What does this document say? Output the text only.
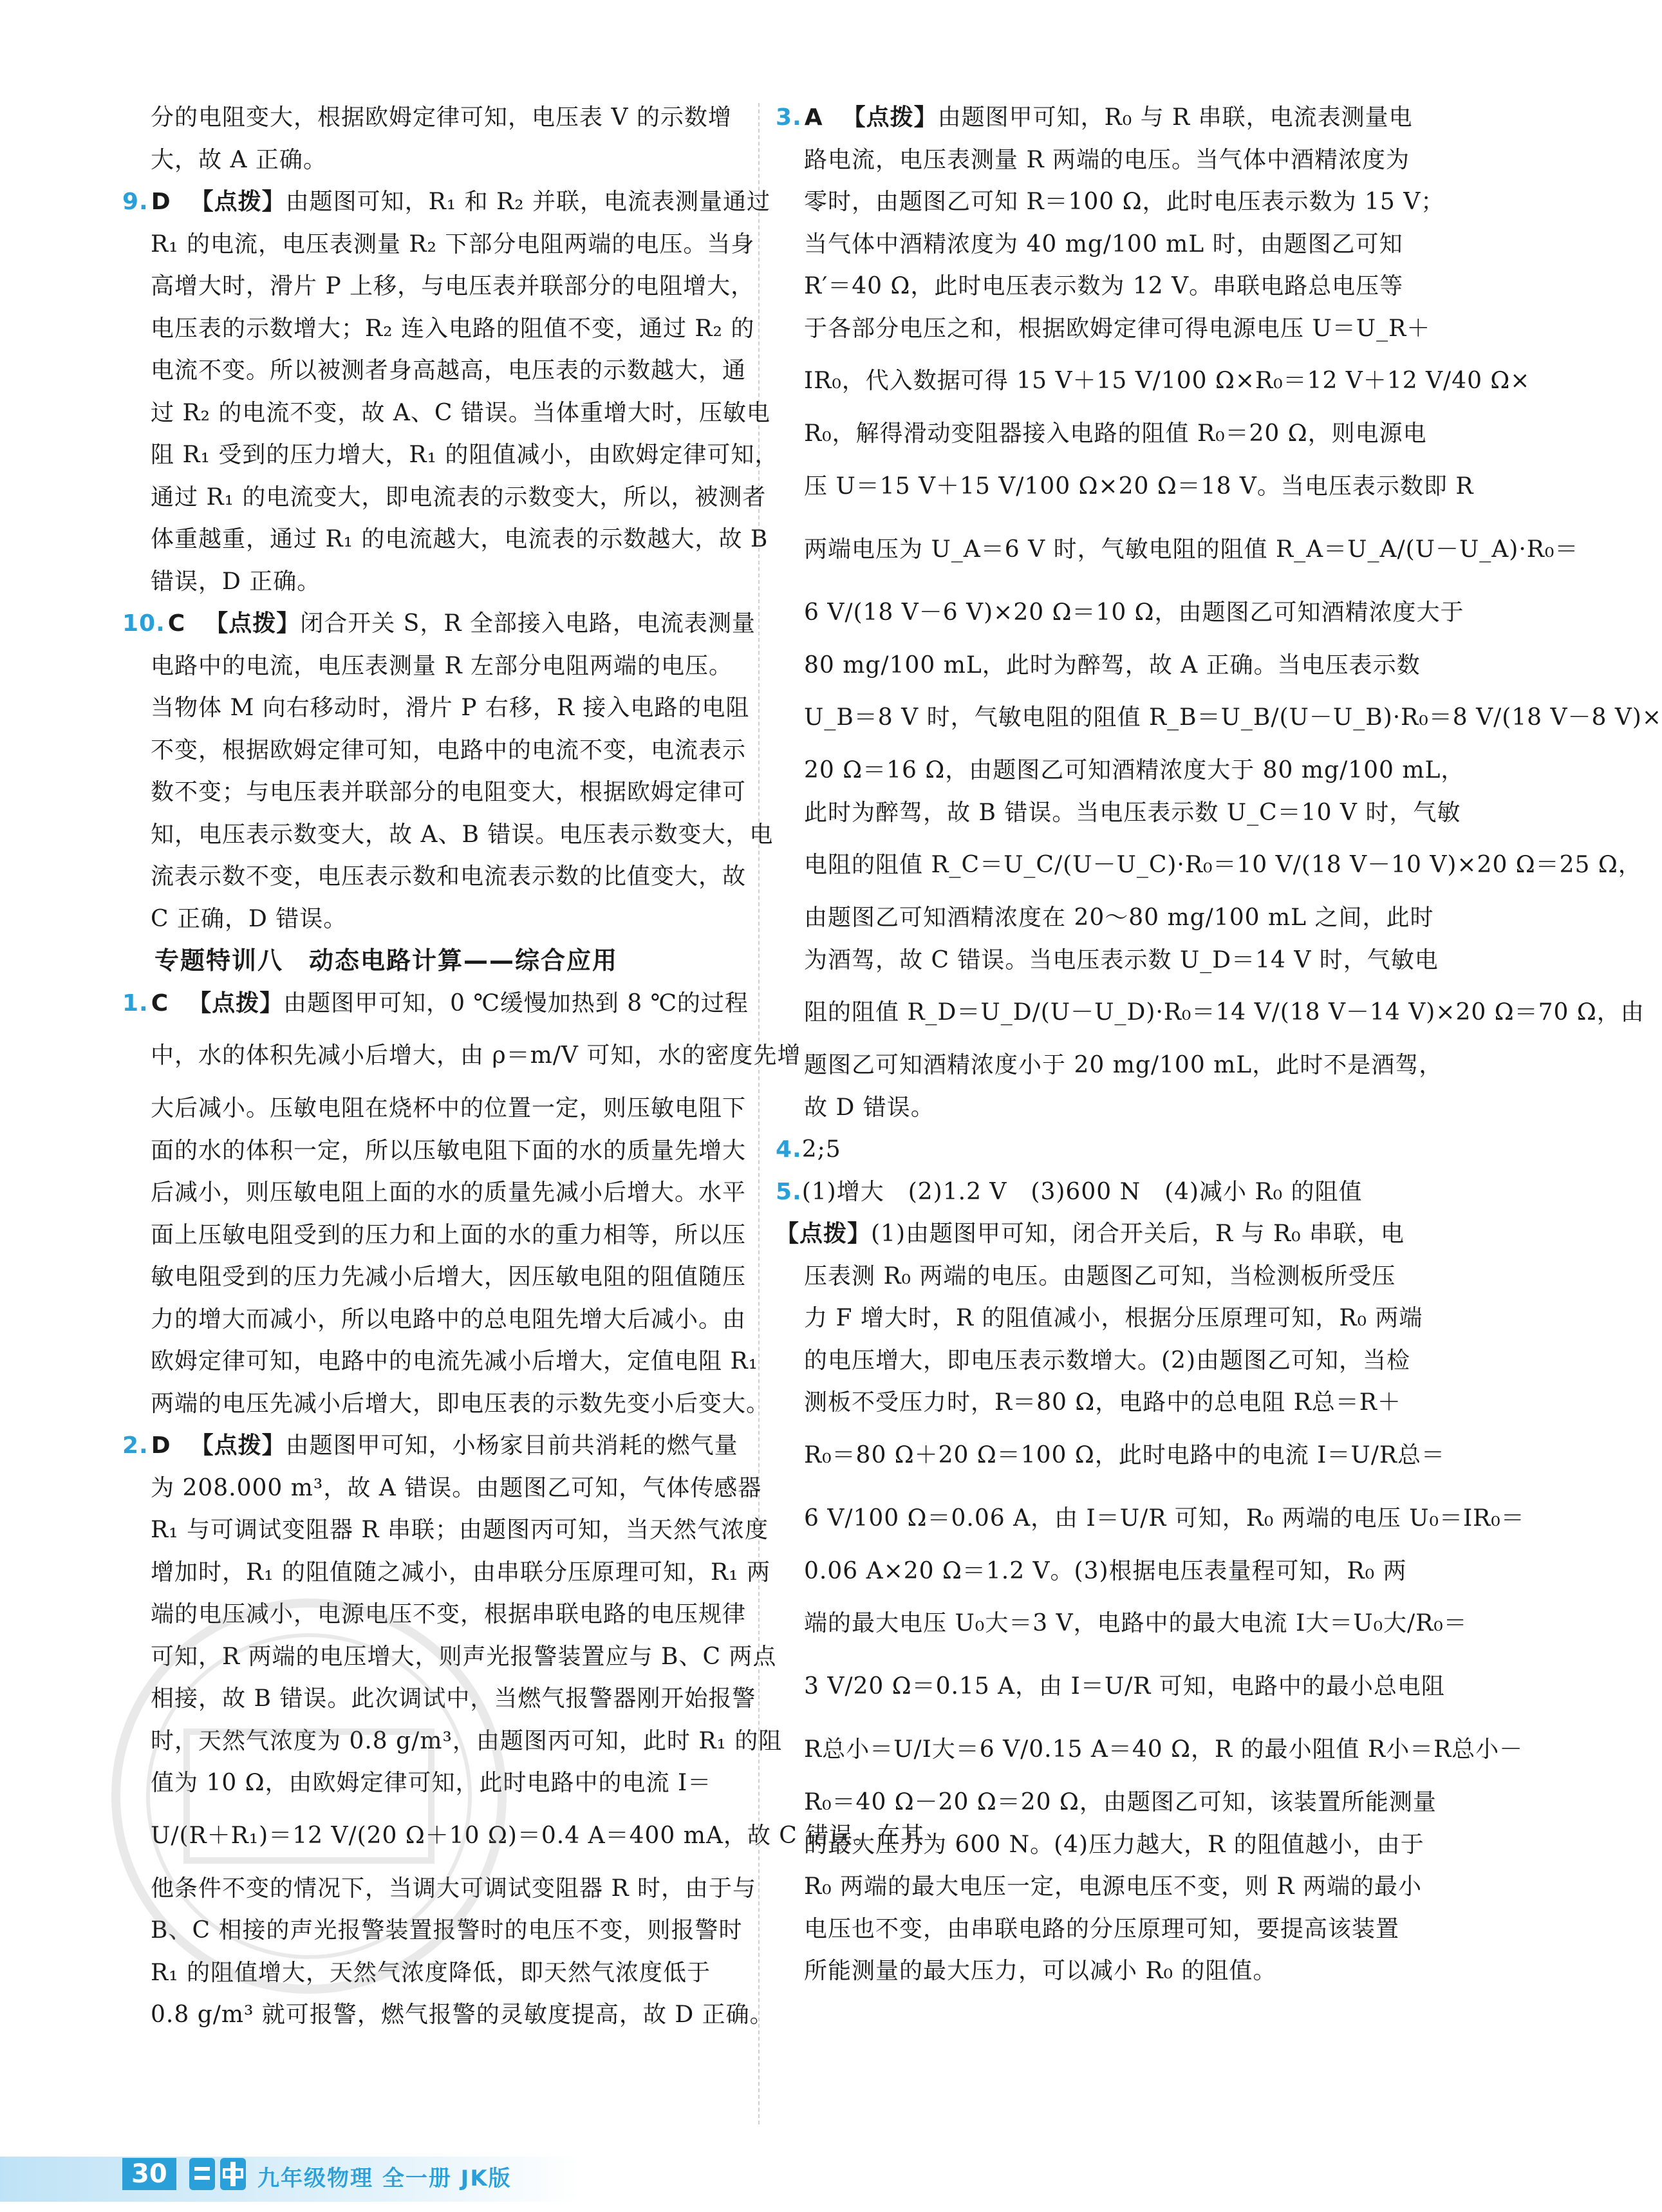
分的电阻变大，根据欧姆定律可知，电压表 V 的示数增
大，故 A 正确。
9. D 【点拨】由题图可知，R₁ 和 R₂ 并联，电流表测量通过
R₁ 的电流，电压表测量 R₂ 下部分电阻两端的电压。当身
高增大时，滑片 P 上移，与电压表并联部分的电阻增大，
电压表的示数增大；R₂ 连入电路的阻值不变，通过 R₂ 的
电流不变。所以被测者身高越高，电压表的示数越大，通
过 R₂ 的电流不变，故 A、C 错误。当体重增大时，压敏电
阻 R₁ 受到的压力增大，R₁ 的阻值减小，由欧姆定律可知，
通过 R₁ 的电流变大，即电流表的示数变大，所以，被测者
体重越重，通过 R₁ 的电流越大，电流表的示数越大，故 B
错误，D 正确。
10. C 【点拨】闭合开关 S，R 全部接入电路，电流表测量
电路中的电流，电压表测量 R 左部分电阻两端的电压。
当物体 M 向右移动时，滑片 P 右移，R 接入电路的电阻
不变，根据欧姆定律可知，电路中的电流不变，电流表示
数不变；与电压表并联部分的电阻变大，根据欧姆定律可
知，电压表示数变大，故 A、B 错误。电压表示数变大，电
流表示数不变，电压表示数和电流表示数的比值变大，故
C 正确，D 错误。
专题特训八　动态电路计算——综合应用
1. C 【点拨】由题图甲可知，0 ℃缓慢加热到 8 ℃的过程
中，水的体积先减小后增大，由 ρ＝m/V 可知，水的密度先增
大后减小。压敏电阻在烧杯中的位置一定，则压敏电阻下
面的水的体积一定，所以压敏电阻下面的水的质量先增大
后减小，则压敏电阻上面的水的质量先减小后增大。水平
面上压敏电阻受到的压力和上面的水的重力相等，所以压
敏电阻受到的压力先减小后增大，因压敏电阻的阻值随压
力的增大而减小，所以电路中的总电阻先增大后减小。由
欧姆定律可知，电路中的电流先减小后增大，定值电阻 R₁
两端的电压先减小后增大，即电压表的示数先变小后变大。
2. D 【点拨】由题图甲可知，小杨家目前共消耗的燃气量
为 208.000 m³，故 A 错误。由题图乙可知，气体传感器
R₁ 与可调试变阻器 R 串联；由题图丙可知，当天然气浓度
增加时，R₁ 的阻值随之减小，由串联分压原理可知，R₁ 两
端的电压减小，电源电压不变，根据串联电路的电压规律
可知，R 两端的电压增大，则声光报警装置应与 B、C 两点
相接，故 B 错误。此次调试中，当燃气报警器刚开始报警
时，天然气浓度为 0.8 g/m³，由题图丙可知，此时 R₁ 的阻
值为 10 Ω，由欧姆定律可知，此时电路中的电流 I＝
U/(R＋R₁)＝12 V/(20 Ω＋10 Ω)＝0.4 A＝400 mA，故 C 错误。在其
他条件不变的情况下，当调大可调试变阻器 R 时，由于与
B、C 相接的声光报警装置报警时的电压不变，则报警时
R₁ 的阻值增大，天然气浓度降低，即天然气浓度低于
0.8 g/m³ 就可报警，燃气报警的灵敏度提高，故 D 正确。
3. A 【点拨】由题图甲可知，R₀ 与 R 串联，电流表测量电
路电流，电压表测量 R 两端的电压。当气体中酒精浓度为
零时，由题图乙可知 R＝100 Ω，此时电压表示数为 15 V；
当气体中酒精浓度为 40 mg/100 mL 时，由题图乙可知
R′＝40 Ω，此时电压表示数为 12 V。串联电路总电压等
于各部分电压之和，根据欧姆定律可得电源电压 U＝U_R＋
IR₀，代入数据可得 15 V＋15 V/100 Ω×R₀＝12 V＋12 V/40 Ω×
R₀，解得滑动变阻器接入电路的阻值 R₀＝20 Ω，则电源电
压 U＝15 V＋15 V/100 Ω×20 Ω＝18 V。当电压表示数即 R
两端电压为 U_A＝6 V 时，气敏电阻的阻值 R_A＝U_A/(U－U_A)·R₀＝
6 V/(18 V－6 V)×20 Ω＝10 Ω，由题图乙可知酒精浓度大于
80 mg/100 mL，此时为醉驾，故 A 正确。当电压表示数
U_B＝8 V 时，气敏电阻的阻值 R_B＝U_B/(U－U_B)·R₀＝8 V/(18 V－8 V)×
20 Ω＝16 Ω，由题图乙可知酒精浓度大于 80 mg/100 mL，
此时为醉驾，故 B 错误。当电压表示数 U_C＝10 V 时，气敏
电阻的阻值 R_C＝U_C/(U－U_C)·R₀＝10 V/(18 V－10 V)×20 Ω＝25 Ω，
由题图乙可知酒精浓度在 20～80 mg/100 mL 之间，此时
为酒驾，故 C 错误。当电压表示数 U_D＝14 V 时，气敏电
阻的阻值 R_D＝U_D/(U－U_D)·R₀＝14 V/(18 V－14 V)×20 Ω＝70 Ω，由
题图乙可知酒精浓度小于 20 mg/100 mL，此时不是酒驾，
故 D 错误。
4.2;5
5.(1)增大　(2)1.2 V　(3)600 N　(4)减小 R₀ 的阻值
【点拨】(1)由题图甲可知，闭合开关后，R 与 R₀ 串联，电
压表测 R₀ 两端的电压。由题图乙可知，当检测板所受压
力 F 增大时，R 的阻值减小，根据分压原理可知，R₀ 两端
的电压增大，即电压表示数增大。(2)由题图乙可知，当检
测板不受压力时，R＝80 Ω，电路中的总电阻 R总＝R＋
R₀＝80 Ω＋20 Ω＝100 Ω，此时电路中的电流 I＝U/R总＝
6 V/100 Ω＝0.06 A，由 I＝U/R 可知，R₀ 两端的电压 U₀＝IR₀＝
0.06 A×20 Ω＝1.2 V。(3)根据电压表量程可知，R₀ 两
端的最大电压 U₀大＝3 V，电路中的最大电流 I大＝U₀大/R₀＝
3 V/20 Ω＝0.15 A，由 I＝U/R 可知，电路中的最小总电阻
R总小＝U/I大＝6 V/0.15 A＝40 Ω，R 的最小阻值 R小＝R总小－
R₀＝40 Ω－20 Ω＝20 Ω，由题图乙可知，该装置所能测量
的最大压力为 600 N。(4)压力越大，R 的阻值越小，由于
R₀ 两端的最大电压一定，电源电压不变，则 R 两端的最小
电压也不变，由串联电路的分压原理可知，要提高该装置
所能测量的最大压力，可以减小 R₀ 的阻值。
30	九年级物理 全一册 JK版
